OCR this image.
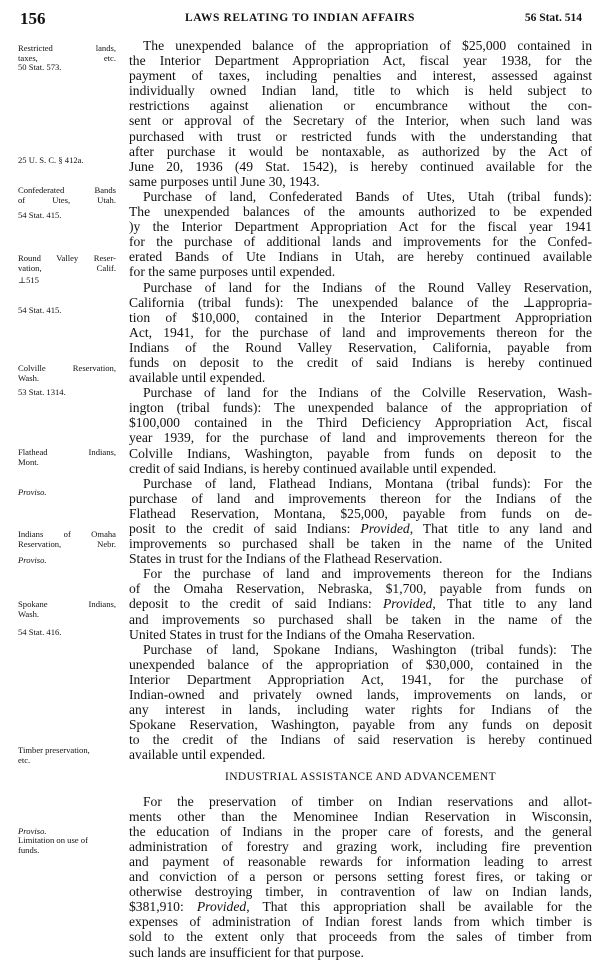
156	LAWS RELATING TO INDIAN AFFAIRS	56 Stat. 514
The unexpended balance of the appropriation of $25,000 contained in
the Interior Department Appropriation Act, fiscal year 1938, for the
payment of taxes, including penalties and interest, assessed against
individually owned Indian land, title to which is held subject to
restrictions against alienation or encumbrance without the con-
sent or approval of the Secretary of the Interior, when such land was
purchased with trust or restricted funds with the understanding that
after purchase it would be nontaxable, as authorized by the Act of
June 20, 1936 (49 Stat. 1542), is hereby continued available for the
same purposes until June 30, 1943.
Purchase of land, Confederated Bands of Utes, Utah (tribal funds):
The unexpended balances of the amounts authorized to be expended
)y the Interior Department Appropriation Act for the fiscal year 1941
for the purchase of additional lands and improvements for the Confed-
erated Bands of Ute Indians in Utah, are hereby continued available
for the same purposes until expended.
Purchase of land for the Indians of the Round Valley Reservation,
California (tribal funds): The unexpended balance of the ⊥appropria-
tion of $10,000, contained in the Interior Department Appropriation
Act, 1941, for the purchase of land and improvements thereon for the
Indians of the Round Valley Reservation, California, payable from
funds on deposit to the credit of said Indians is hereby continued
available until expended.
Purchase of land for the Indians of the Colville Reservation, Wash-
ington (tribal funds): The unexpended balance of the appropriation of
$100,000 contained in the Third Deficiency Appropriation Act, fiscal
year 1939, for the purchase of land and improvements thereon for the
Colville Indians, Washington, payable from funds on deposit to the
credit of said Indians, is hereby continued available until expended.
Purchase of land, Flathead Indians, Montana (tribal funds): For the
purchase of land and improvements thereon for the Indians of the
Flathead Reservation, Montana, $25,000, payable from funds on de-
posit to the credit of said Indians: Provided, That title to any land and
improvements so purchased shall be taken in the name of the United
States in trust for the Indians of the Flathead Reservation.
For the purchase of land and improvements thereon for the Indians
of the Omaha Reservation, Nebraska, $1,700, payable from funds on
deposit to the credit of said Indians: Provided, That title to any land
and improvements so purchased shall be taken in the name of the
United States in trust for the Indians of the Omaha Reservation.
Purchase of land, Spokane Indians, Washington (tribal funds): The
unexpended balance of the appropriation of $30,000, contained in the
Interior Department Appropriation Act, 1941, for the purchase of
Indian-owned and privately owned lands, improvements on lands, or
any interest in lands, including water rights for Indians of the
Spokane Reservation, Washington, payable from any funds on deposit
to the credit of the Indians of said reservation is hereby continued
available until expended.
INDUSTRIAL ASSISTANCE AND ADVANCEMENT
For the preservation of timber on Indian reservations and allot-
ments other than the Menominee Indian Reservation in Wisconsin,
the education of Indians in the proper care of forests, and the general
administration of forestry and grazing work, including fire prevention
and payment of reasonable rewards for information leading to arrest
and conviction of a person or persons setting forest fires, or taking or
otherwise destroying timber, in contravention of law on Indian lands,
$381,910: Provided, That this appropriation shall be available for the
expenses of administration of Indian forest lands from which timber is
sold to the extent only that proceeds from the sales of timber from
such lands are insufficient for that purpose.
Restricted lands,
taxes, etc.
50 Stat. 573.
25 U. S. C. § 412a.
Confederated Bands
of Utes, Utah.
54 Stat. 415.
Round Valley Reser-
vation, Calif.
⊥515
54 Stat. 415.
Colville Reservation,
Wash.
53 Stat. 1314.
Flathead Indians,
Mont.
Proviso.
Indians of Omaha
Reservation, Nebr.
Proviso.
Spokane Indians,
Wash.
54 Stat. 416.
Timber preservation,
etc.
Proviso.
Limitation on use of
funds.
